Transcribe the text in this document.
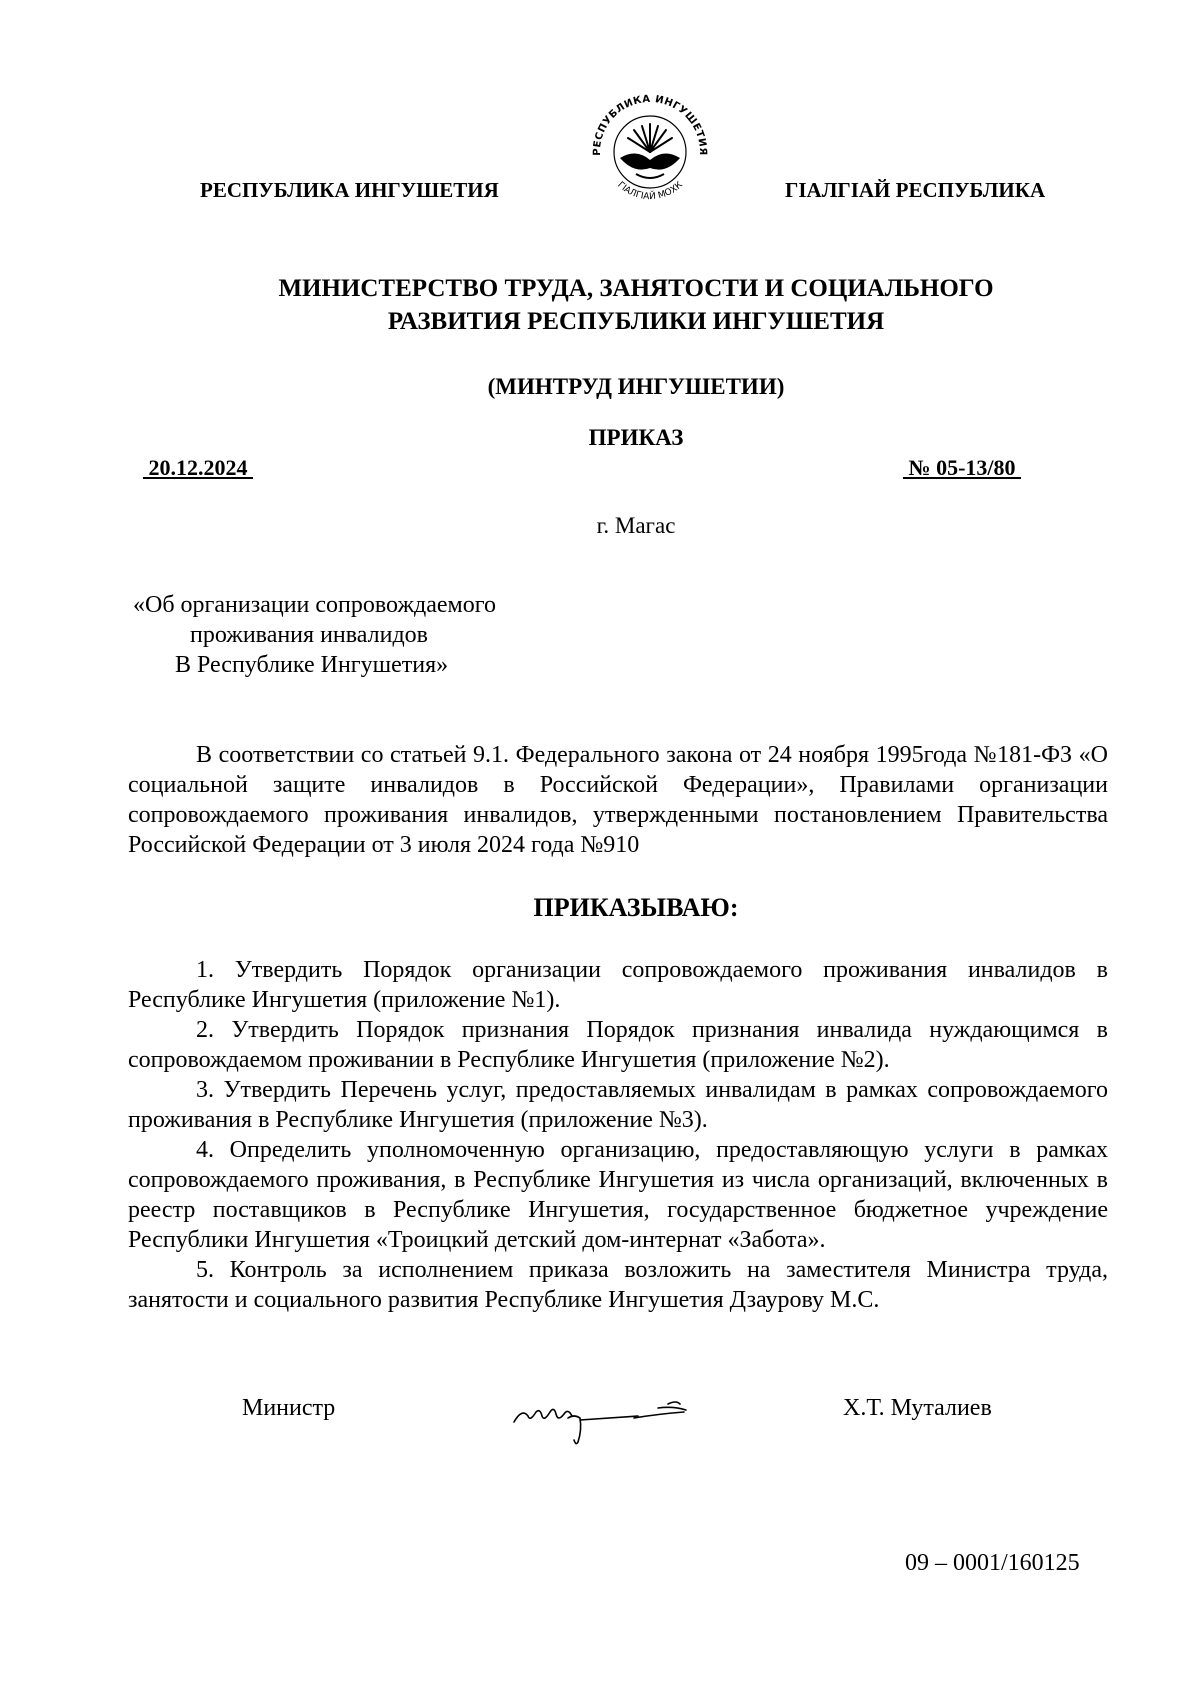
РЕСПУБЛИКА ИНГУШЕТИЯ
РЕСПУБЛИКА ИНГУШЕТИЯ
ГIАЛГIАЙ МОХК	ГIАЛГIАЙ РЕСПУБЛИКА
МИНИСТЕРСТВО ТРУДА, ЗАНЯТОСТИ И СОЦИАЛЬНОГО
РАЗВИТИЯ РЕСПУБЛИКИ ИНГУШЕТИЯ
(МИНТРУД ИНГУШЕТИИ)
ПРИКАЗ
20.12.2024	№ 05-13/80
г. Магас
«Об организации сопровождаемого
проживания инвалидов
В Республике Ингушетия»

В соответствии со статьей 9.1. Федерального закона от 24 ноября 1995года №181-ФЗ «О социальной защите инвалидов в Российской Федерации», Правилами организации сопровождаемого проживания инвалидов, утвержденными постановлением Правительства Российской Федерации от 3 июля 2024 года №910

ПРИКАЗЫВАЮ:

1. Утвердить Порядок организации сопровождаемого проживания инвалидов в Республике Ингушетия (приложение №1).

2. Утвердить Порядок признания Порядок признания инвалида нуждающимся в сопровождаемом проживании в Республике Ингушетия (приложение №2).

3. Утвердить Перечень услуг, предоставляемых инвалидам в рамках сопровождаемого проживания в Республике Ингушетия (приложение №3).

4. Определить уполномоченную организацию, предоставляющую услуги в рамках сопровождаемого проживания, в Республике Ингушетия из числа организаций, включенных в реестр поставщиков в Республике Ингушетия, государственное бюджетное учреждение Республики Ингушетия «Троицкий детский дом-интернат «Забота».

5. Контроль за исполнением приказа возложить на заместителя Министра труда, занятости и социального развития Республике Ингушетия Дзаурову М.С.

Министр	Х.Т. Муталиев
09 – 0001/160125
